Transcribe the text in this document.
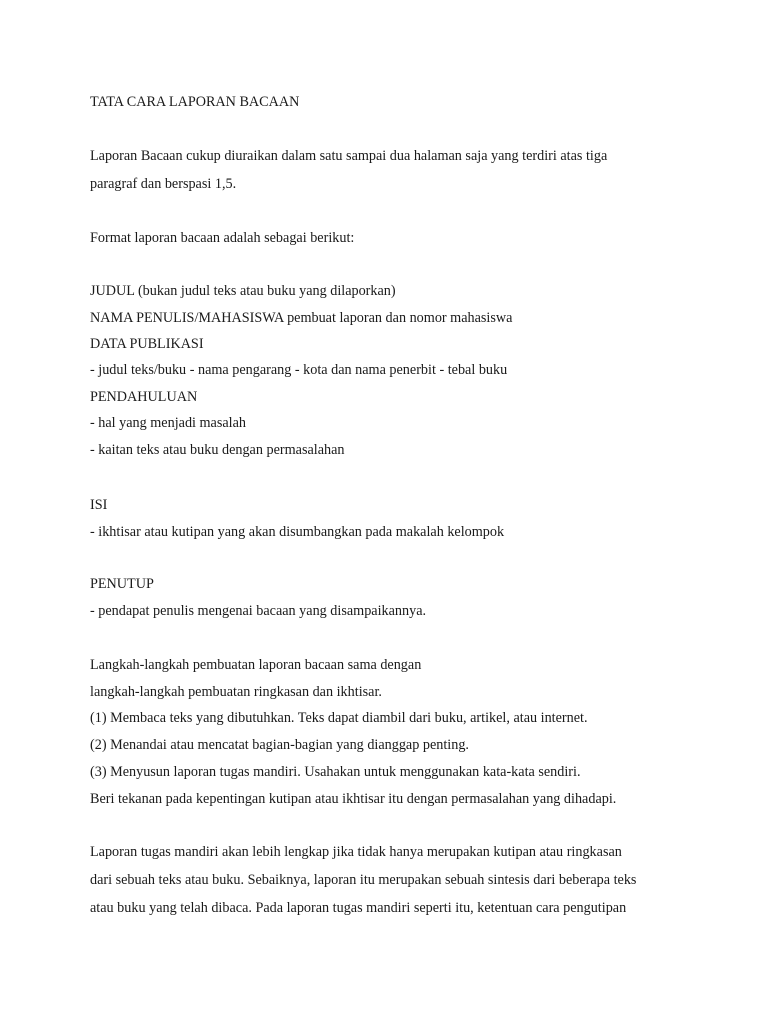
TATA CARA LAPORAN BACAAN
Laporan Bacaan cukup diuraikan dalam satu sampai dua halaman saja yang terdiri atas tiga
paragraf dan berspasi 1,5.
Format laporan bacaan adalah sebagai berikut:
JUDUL (bukan judul teks atau buku yang dilaporkan)
NAMA PENULIS/MAHASISWA pembuat laporan dan nomor mahasiswa
DATA PUBLIKASI
- judul teks/buku - nama pengarang - kota dan nama penerbit - tebal buku
PENDAHULUAN
- hal yang menjadi masalah
- kaitan teks atau buku dengan permasalahan
ISI
- ikhtisar atau kutipan yang akan disumbangkan pada makalah kelompok
PENUTUP
- pendapat penulis mengenai bacaan yang disampaikannya.
Langkah-langkah pembuatan laporan bacaan sama dengan
langkah-langkah pembuatan ringkasan dan ikhtisar.
(1) Membaca teks yang dibutuhkan. Teks dapat diambil dari buku, artikel, atau internet.
(2) Menandai atau mencatat bagian-bagian yang dianggap penting.
(3) Menyusun laporan tugas mandiri. Usahakan untuk menggunakan kata-kata sendiri.
Beri tekanan pada kepentingan kutipan atau ikhtisar itu dengan permasalahan yang dihadapi.
Laporan tugas mandiri akan lebih lengkap jika tidak hanya merupakan kutipan atau ringkasan
dari sebuah teks atau buku. Sebaiknya, laporan itu merupakan sebuah sintesis dari beberapa teks
atau buku yang telah dibaca. Pada laporan tugas mandiri seperti itu, ketentuan cara pengutipan
